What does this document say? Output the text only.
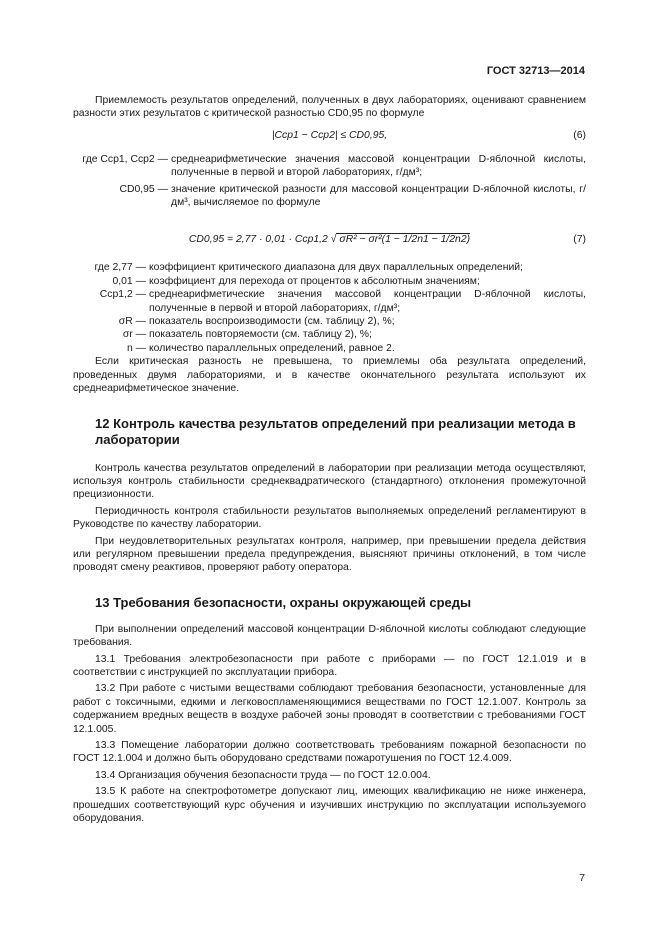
ГОСТ 32713—2014

Приемлемость результатов определений, полученных в двух лабораториях, оценивают сравнением разности этих результатов с критической разностью CD0,95 по формуле

|Cср1 − Cср2| ≤ CD0,95,	(6)
где Cср1, Cср2 — среднеарифметические значения массовой концентрации D-яблочной кислоты, полученные в первой и второй лабораториях, г/дм³;
CD0,95 — значение критической разности для массовой концентрации D-яблочной кислоты, г/дм³, вычисляемое по формуле
CD0,95 = 2,77 · 0,01 · Cср1,2 √ σR² − σr²(1 − 1/2n1 − 1/2n2)	(7)
где 2,77 — коэффициент критического диапазона для двух параллельных определений;
0,01 — коэффициент для перехода от процентов к абсолютным значениям;
Cср1,2 — среднеарифметические значения массовой концентрации D-яблочной кислоты, полученные в первой и второй лабораториях, г/дм³;
σR — показатель воспроизводимости (см. таблицу 2), %;
σr — показатель повторяемости (см. таблицу 2), %;
n — количество параллельных определений, равное 2.

Если критическая разность не превышена, то приемлемы оба результата определений, проведенных двумя лабораториями, и в качестве окончательного результата используют их среднеарифметическое значение.

12 Контроль качества результатов определений при реализации метода в лаборатории

Контроль качества результатов определений в лаборатории при реализации метода осуществляют, используя контроль стабильности среднеквадратического (стандартного) отклонения промежуточной прецизионности.

Периодичность контроля стабильности результатов выполняемых определений регламентируют в Руководстве по качеству лаборатории.

При неудовлетворительных результатах контроля, например, при превышении предела действия или регулярном превышении предела предупреждения, выясняют причины отклонений, в том числе проводят смену реактивов, проверяют работу оператора.

13 Требования безопасности, охраны окружающей среды

При выполнении определений массовой концентрации D-яблочной кислоты соблюдают следующие требования.

13.1 Требования электробезопасности при работе с приборами — по ГОСТ 12.1.019 и в соответствии с инструкцией по эксплуатации прибора.

13.2 При работе с чистыми веществами соблюдают требования безопасности, установленные для работ с токсичными, едкими и легковоспламеняющимися веществами по ГОСТ 12.1.007. Контроль за содержанием вредных веществ в воздухе рабочей зоны проводят в соответствии с требованиями ГОСТ 12.1.005.

13.3 Помещение лаборатории должно соответствовать требованиям пожарной безопасности по ГОСТ 12.1.004 и должно быть оборудовано средствами пожаротушения по ГОСТ 12.4.009.

13.4 Организация обучения безопасности труда — по ГОСТ 12.0.004.

13.5 К работе на спектрофотометре допускают лиц, имеющих квалификацию не ниже инженера, прошедших соответствующий курс обучения и изучивших инструкцию по эксплуатации используемого оборудования.

7
